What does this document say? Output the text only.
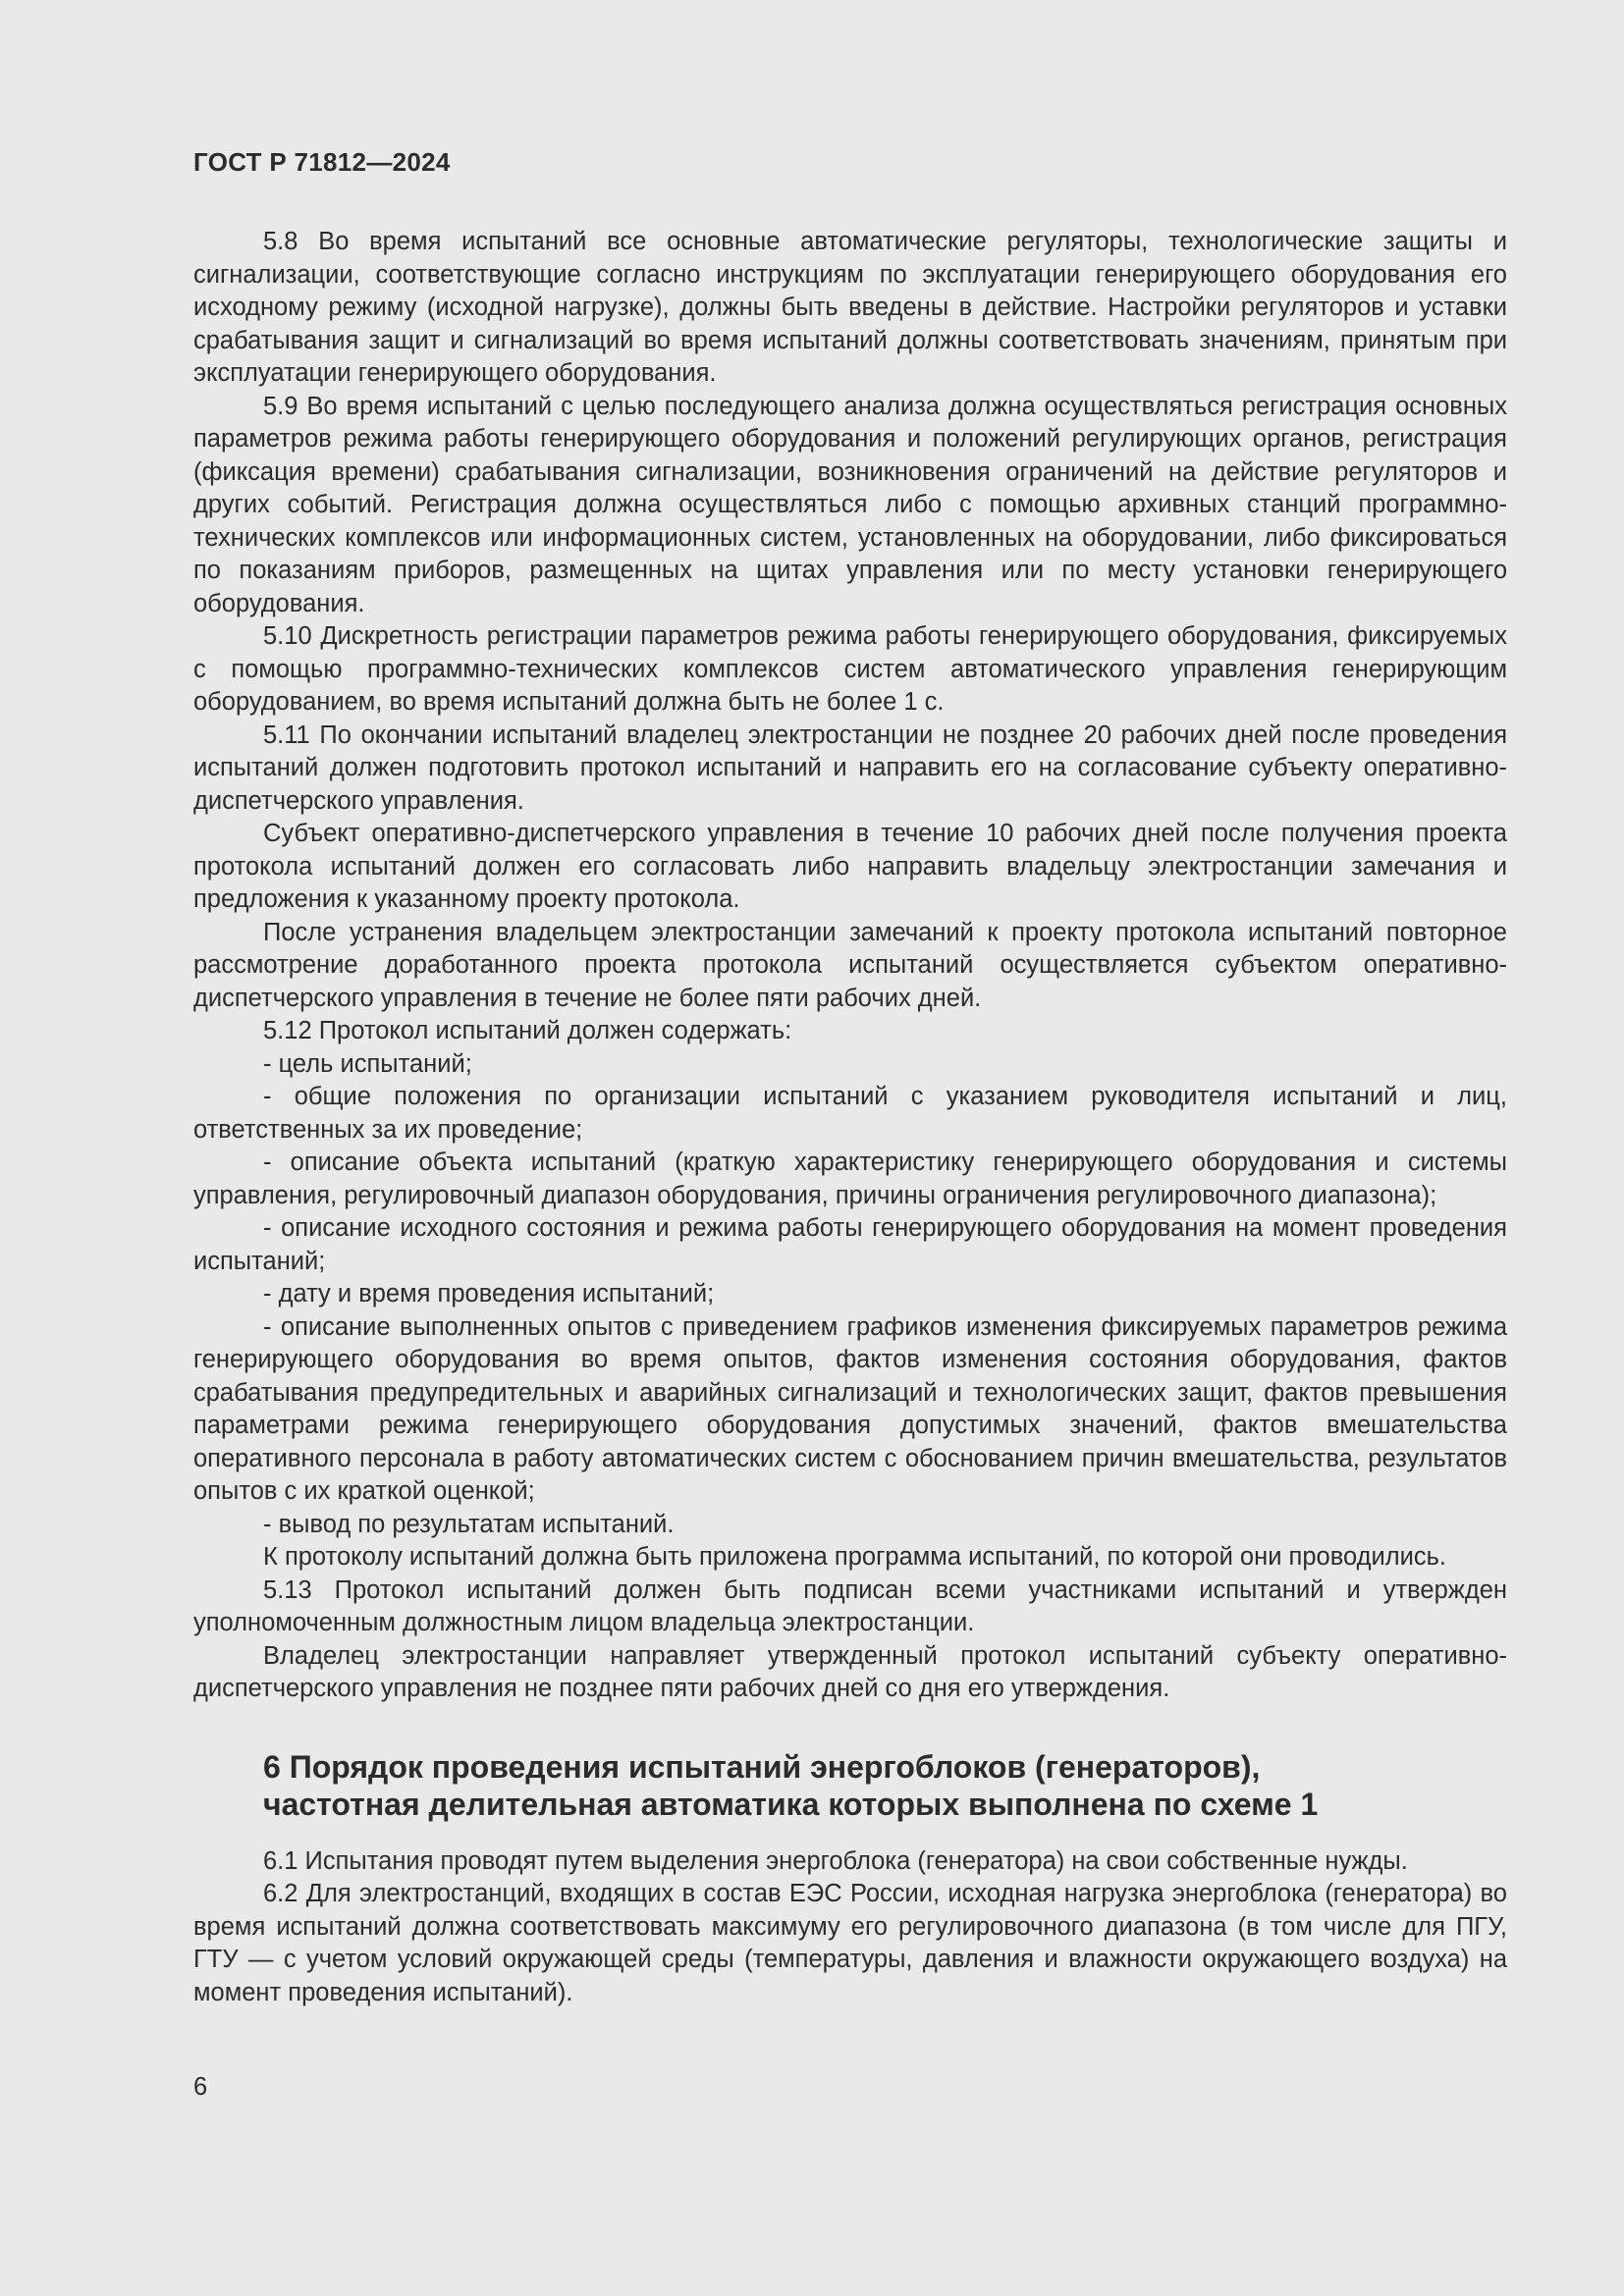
ГОСТ Р 71812—2024

5.8 Во время испытаний все основные автоматические регуляторы, технологические защиты и сигнализации, соответствующие согласно инструкциям по эксплуатации генерирующего оборудования его исходному режиму (исходной нагрузке), должны быть введены в действие. Настройки регуляторов и уставки срабатывания защит и сигнализаций во время испытаний должны соответствовать значениям, принятым при эксплуатации генерирующего оборудования.

5.9 Во время испытаний с целью последующего анализа должна осуществляться регистрация основных параметров режима работы генерирующего оборудования и положений регулирующих органов, регистрация (фиксация времени) срабатывания сигнализации, возникновения ограничений на действие регуляторов и других событий. Регистрация должна осуществляться либо с помощью архивных станций программно-технических комплексов или информационных систем, установленных на оборудовании, либо фиксироваться по показаниям приборов, размещенных на щитах управления или по месту установки генерирующего оборудования.

5.10 Дискретность регистрации параметров режима работы генерирующего оборудования, фиксируемых с помощью программно-технических комплексов систем автоматического управления генерирующим оборудованием, во время испытаний должна быть не более 1 с.

5.11 По окончании испытаний владелец электростанции не позднее 20 рабочих дней после проведения испытаний должен подготовить протокол испытаний и направить его на согласование субъекту оперативно-диспетчерского управления.

Субъект оперативно-диспетчерского управления в течение 10 рабочих дней после получения проекта протокола испытаний должен его согласовать либо направить владельцу электростанции замечания и предложения к указанному проекту протокола.

После устранения владельцем электростанции замечаний к проекту протокола испытаний повторное рассмотрение доработанного проекта протокола испытаний осуществляется субъектом оперативно-диспетчерского управления в течение не более пяти рабочих дней.

5.12 Протокол испытаний должен содержать:

- цель испытаний;

- общие положения по организации испытаний с указанием руководителя испытаний и лиц, ответственных за их проведение;

- описание объекта испытаний (краткую характеристику генерирующего оборудования и системы управления, регулировочный диапазон оборудования, причины ограничения регулировочного диапазона);

- описание исходного состояния и режима работы генерирующего оборудования на момент проведения испытаний;

- дату и время проведения испытаний;

- описание выполненных опытов с приведением графиков изменения фиксируемых параметров режима генерирующего оборудования во время опытов, фактов изменения состояния оборудования, фактов срабатывания предупредительных и аварийных сигнализаций и технологических защит, фактов превышения параметрами режима генерирующего оборудования допустимых значений, фактов вмешательства оперативного персонала в работу автоматических систем с обоснованием причин вмешательства, результатов опытов с их краткой оценкой;

- вывод по результатам испытаний.

К протоколу испытаний должна быть приложена программа испытаний, по которой они проводились.

5.13 Протокол испытаний должен быть подписан всеми участниками испытаний и утвержден уполномоченным должностным лицом владельца электростанции.

Владелец электростанции направляет утвержденный протокол испытаний субъекту оперативно-диспетчерского управления не позднее пяти рабочих дней со дня его утверждения.

6 Порядок проведения испытаний энергоблоков (генераторов),
частотная делительная автоматика которых выполнена по схеме 1

6.1 Испытания проводят путем выделения энергоблока (генератора) на свои собственные нужды.

6.2 Для электростанций, входящих в состав ЕЭС России, исходная нагрузка энергоблока (генератора) во время испытаний должна соответствовать максимуму его регулировочного диапазона (в том числе для ПГУ, ГТУ — с учетом условий окружающей среды (температуры, давления и влажности окружающего воздуха) на момент проведения испытаний).

6
